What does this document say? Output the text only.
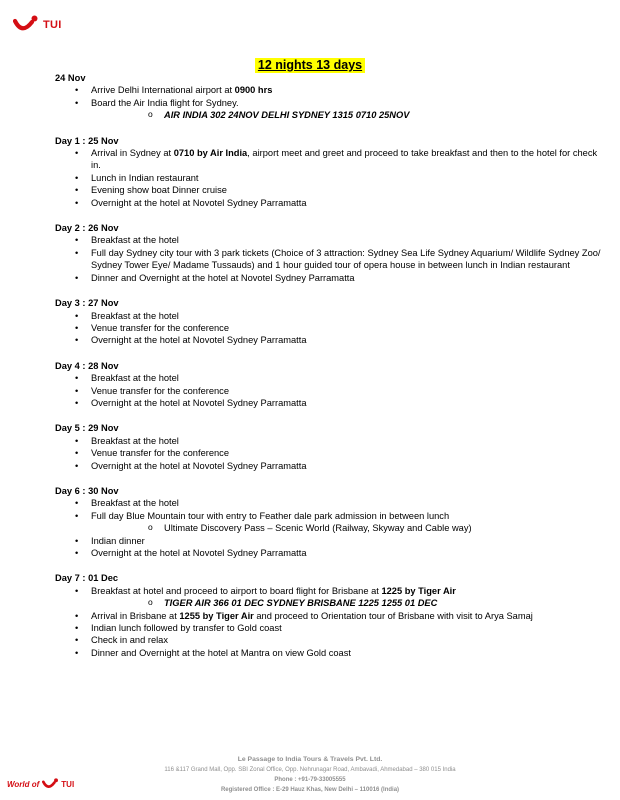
TUI
12 nights 13 days
24 Nov
• Arrive Delhi International airport at 0900 hrs
• Board the Air India flight for Sydney.
o AIR INDIA 302 24NOV DELHI SYDNEY 1315 0710 25NOV
Day 1 : 25 Nov
• Arrival in Sydney at 0710 by Air India, airport meet and greet and proceed to take breakfast and then to the hotel for check in.
• Lunch in Indian restaurant
• Evening show boat Dinner cruise
• Overnight at the hotel at Novotel Sydney Parramatta
Day 2 : 26 Nov
• Breakfast at the hotel
• Full day Sydney city tour with 3 park tickets (Choice of 3 attraction: Sydney Sea Life Sydney Aquarium/ Wildlife Sydney Zoo/ Sydney Tower Eye/ Madame Tussauds) and 1 hour guided tour of opera house in between lunch in Indian restaurant
• Dinner and Overnight at the hotel at Novotel Sydney Parramatta
Day 3 : 27 Nov
• Breakfast at the hotel
• Venue transfer for the conference
• Overnight at the hotel at Novotel Sydney Parramatta
Day 4 : 28 Nov
• Breakfast at the hotel
• Venue transfer for the conference
• Overnight at the hotel at Novotel Sydney Parramatta
Day 5 : 29 Nov
• Breakfast at the hotel
• Venue transfer for the conference
• Overnight at the hotel at Novotel Sydney Parramatta
Day 6 : 30 Nov
• Breakfast at the hotel
• Full day Blue Mountain tour with entry to Feather dale park admission in between lunch
o Ultimate Discovery Pass – Scenic World (Railway, Skyway and Cable way)
• Indian dinner
• Overnight at the hotel at Novotel Sydney Parramatta
Day 7 : 01 Dec
• Breakfast at hotel and proceed to airport to board flight for Brisbane at 1225 by Tiger Air
o TIGER AIR 366 01 DEC SYDNEY BRISBANE 1225 1255 01 DEC
• Arrival in Brisbane at 1255 by Tiger Air and proceed to Orientation tour of Brisbane with visit to Arya Samaj
• Indian lunch followed by transfer to Gold coast
• Check in and relax
• Dinner and Overnight at the hotel at Mantra on view Gold coast
Le Passage to India Tours & Travels Pvt. Ltd.
116 &117 Grand Mall, Opp. SBI Zonal Office, Opp. Nehrunagar Road, Ambavadi, Ahmedabad – 380 015 India
Phone : +91-79-33005555
Registered Office : E-29 Hauz Khas, New Delhi – 110016 (India)
World of	TUI
